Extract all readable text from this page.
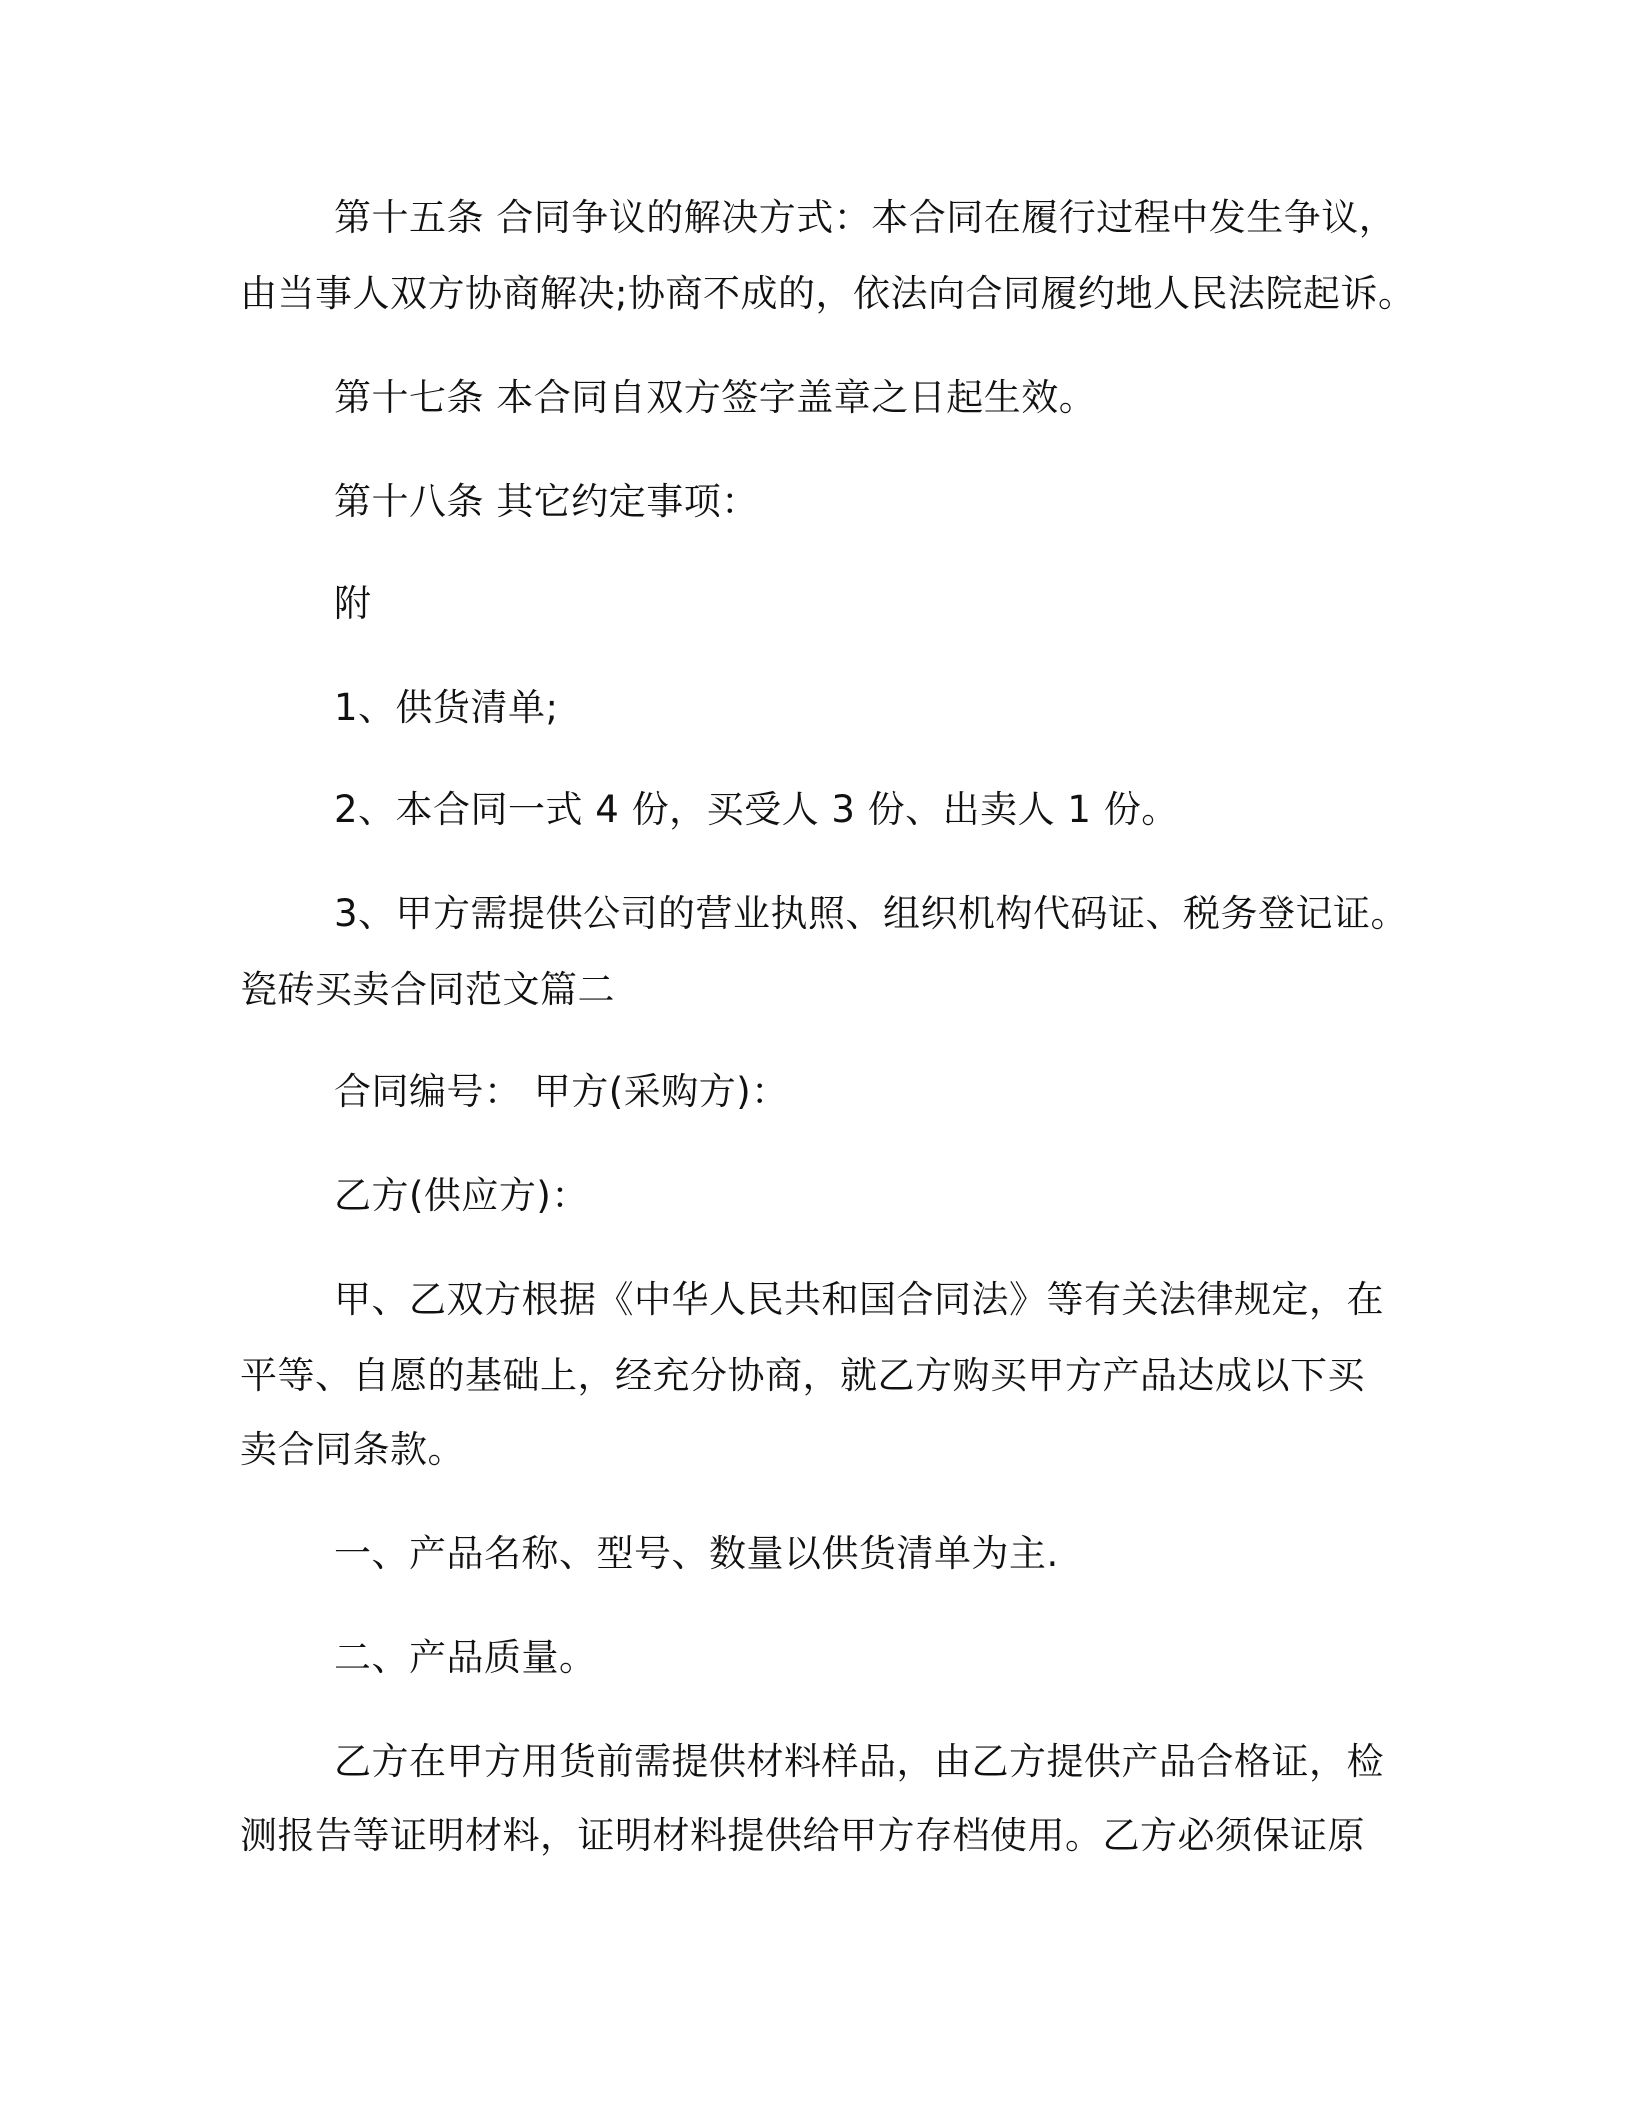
第十五条 合同争议的解决方式：本合同在履行过程中发生争议，
由当事人双方协商解决;协商不成的，依法向合同履约地人民法院起诉。
第十七条 本合同自双方签字盖章之日起生效。
第十八条 其它约定事项：
附
1、供货清单;
2、本合同一式 4 份，买受人 3 份、出卖人 1 份。
3、甲方需提供公司的营业执照、组织机构代码证、税务登记证。
瓷砖买卖合同范文篇二
合同编号： 甲方(采购方)：
乙方(供应方)：
甲、乙双方根据《中华人民共和国合同法》等有关法律规定，在
平等、自愿的基础上，经充分协商，就乙方购买甲方产品达成以下买
卖合同条款。
一、产品名称、型号、数量以供货清单为主.
二、产品质量。
乙方在甲方用货前需提供材料样品，由乙方提供产品合格证，检
测报告等证明材料，证明材料提供给甲方存档使用。乙方必须保证原
